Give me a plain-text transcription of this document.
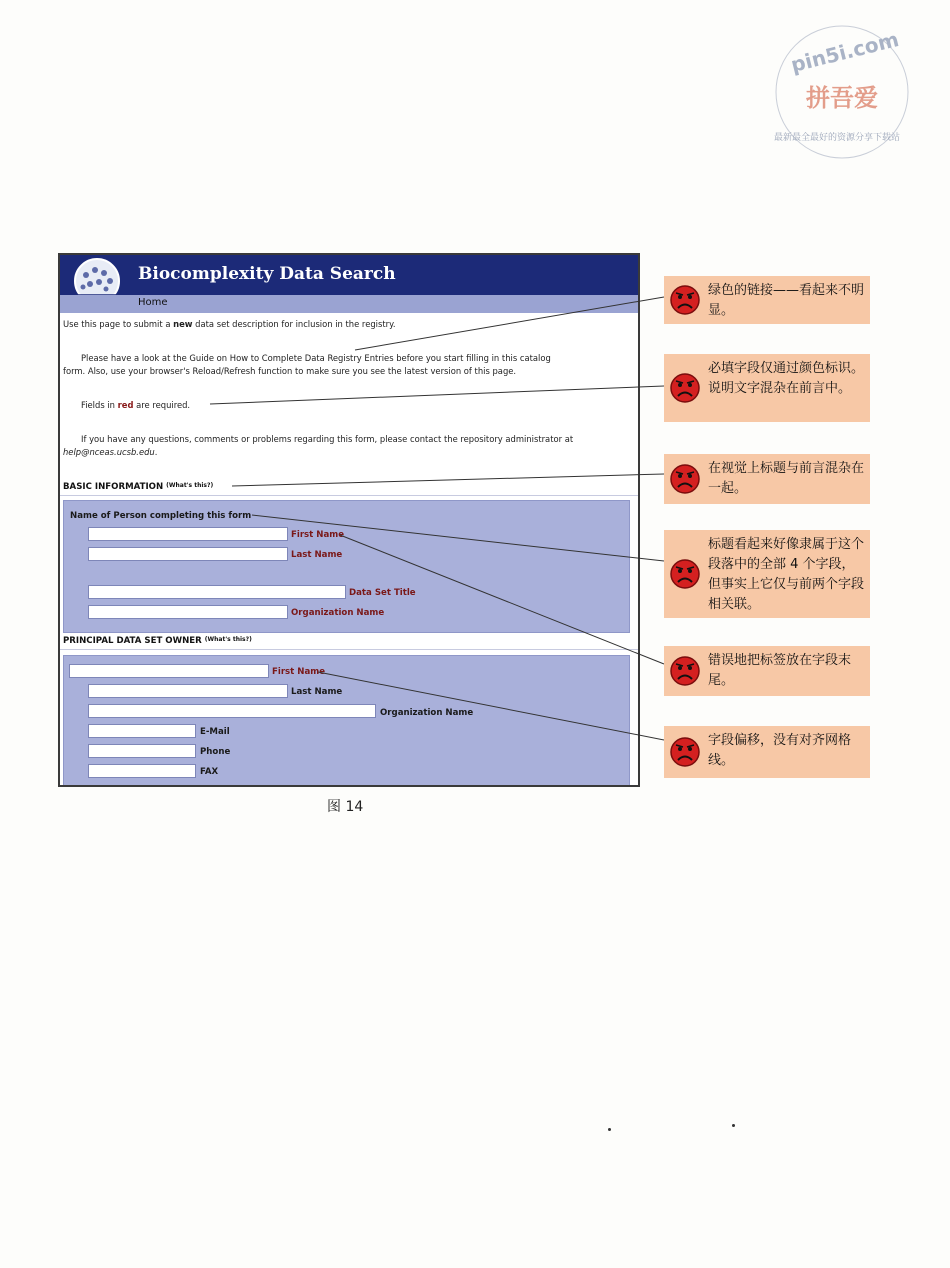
pin5i.com
拼吾爱
最新最全最好的资源分享下载站
Biocomplexity Data Search
Home
Use this page to submit a new data set description for inclusion in the registry.
Please have a look at the Guide on How to Complete Data Registry Entries before you start filling in this catalog
form. Also, use your browser's Reload/Refresh function to make sure you see the latest version of this page.
Fields in red are required.
If you have any questions, comments or problems regarding this form, please contact the repository administrator at
help@nceas.ucsb.edu.
BASIC INFORMATION $^{(What's this?)}$
Name of Person completing this form
First Name
Last Name
Data Set Title
Organization Name
PRINCIPAL DATA SET OWNER $^{(What's this?)}$
First Name
Last Name
Organization Name
E-Mail
Phone
FAX
绿色的链接——看起来不明显。
必填字段仅通过颜色标识。说明文字混杂在前言中。
在视觉上标题与前言混杂在一起。
标题看起来好像隶属于这个段落中的全部 4 个字段，但事实上它仅与前两个字段相关联。
错误地把标签放在字段末尾。
字段偏移，没有对齐网格线。
图 14
